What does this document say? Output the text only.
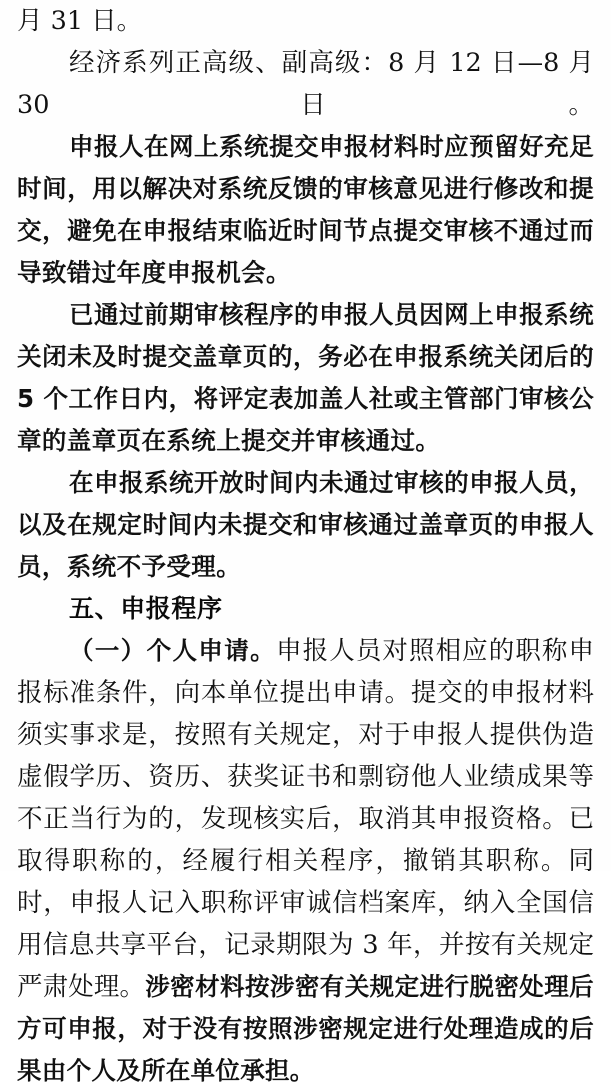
月 31 日。

经济系列正高级、副高级：8 月 12 日—8 月 30 日。

申报人在网上系统提交申报材料时应预留好充足时间，用以解决对系统反馈的审核意见进行修改和提交，避免在申报结束临近时间节点提交审核不通过而导致错过年度申报机会。

已通过前期审核程序的申报人员因网上申报系统关闭未及时提交盖章页的，务必在申报系统关闭后的 5 个工作日内，将评定表加盖人社或主管部门审核公章的盖章页在系统上提交并审核通过。

在申报系统开放时间内未通过审核的申报人员，以及在规定时间内未提交和审核通过盖章页的申报人员，系统不予受理。

五、申报程序

（一）个人申请。申报人员对照相应的职称申报标准条件，向本单位提出申请。提交的申报材料须实事求是，按照有关规定，对于申报人提供伪造虚假学历、资历、获奖证书和剽窃他人业绩成果等不正当行为的，发现核实后，取消其申报资格。已取得职称的，经履行相关程序，撤销其职称。同时，申报人记入职称评审诚信档案库，纳入全国信用信息共享平台，记录期限为 3 年，并按有关规定严肃处理。涉密材料按涉密有关规定进行脱密处理后方可申报，对于没有按照涉密规定进行处理造成的后果由个人及所在单位承担。
